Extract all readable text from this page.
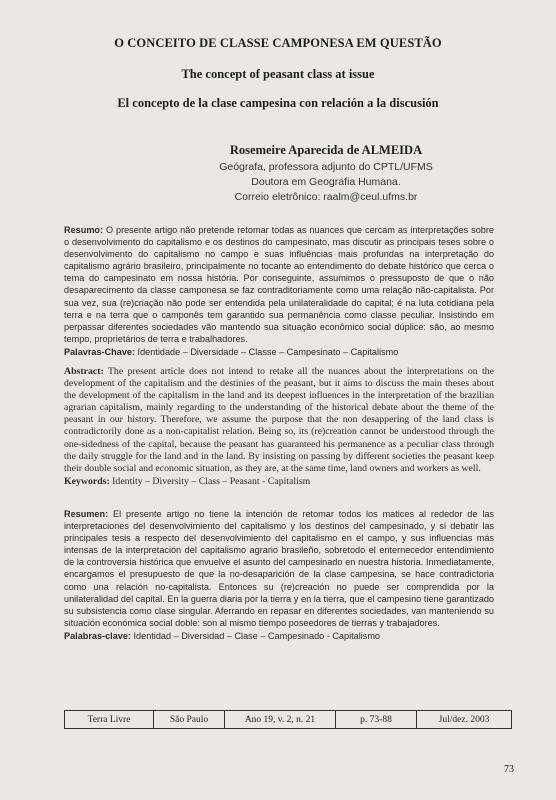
O CONCEITO DE CLASSE CAMPONESA EM QUESTÃO
The concept of peasant class at issue
El concepto de la clase campesina con relación a la discusión
Rosemeire Aparecida de ALMEIDA
Geógrafa, professora adjunto do CPTL/UFMS
Doutora em Geografia Humana.
Correio eletrônico: raalm@ceul.ufms.br
Resumo: O presente artigo não pretende retomar todas as nuances que cercam as interpretações sobre o desenvolvimento do capitalismo e os destinos do campesinato, mas discutir as principais teses sobre o desenvolvimento do capitalismo no campo e suas influências mais profundas na interpretação do capitalismo agrário brasileiro, principalmente no tocante ao entendimento do debate histórico que cerca o tema do campesinato em nossa história. Por conseguinte, assumimos o pressuposto de que o não desaparecimento da classe camponesa se faz contraditoriamente como uma relação não-capitalista. Por sua vez, sua (re)criação não pode ser entendida pela unilateralidade do capital; é na luta cotidiana pela terra e na terra que o camponês tem garantido sua permanência como classe peculiar. Insistindo em perpassar diferentes sociedades vão mantendo sua situação econômico social dúplice: são, ao mesmo tempo, proprietários de terra e trabalhadores.
Palavras-Chave: Identidade – Diversidade – Classe – Campesinato – Capitalismo
Abstract: The present article does not intend to retake all the nuances about the interpretations on the development of the capitalism and the destinies of the peasant, but it aims to discuss the main theses about the development of the capitalism in the land and its deepest influences in the interpretation of the brazilian agrarian capitalism, mainly regarding to the understanding of the historical debate about the theme of the peasant in our history. Therefore, we assume the purpose that the non desappering of the land class is contradictorily done as a non-capitalist relation. Being so, its (re)creation cannot be understood through the one-sidedness of the capital, because the peasant has guaranteed his permanence as a peculiar class through the daily struggle for the land and in the land. By insisting on passing by different societies the peasant keep their double social and economic situation, as they are, at the same time, land owners and workers as well.
Keywords: Identity – Diversity – Class – Peasant - Capitalism
Resumen: El presente artigo no tiene la intención de retomar todos los matices al rededor de las interpretaciones del desenvolvimiento del capitalismo y los destinos del campesinado, y si debatir las principales tesis a respecto del desenvolvimiento del capitalismo en el campo, y sus influencias más intensas de la interpretación del capitalismo agrario brasileño, sobretodo el enternecedor entendimiento de la controversia histórica que envuelve el asunto del campesinado en nuestra historia. Inmediatamente, encargamos el presupuesto de que la no-desaparición de la clase campesina, se hace contradictoria como una relación no-capitalista. Entonces su (re)creación no puede ser comprendida por la unilateralidad del capital. En la guerra diaria por la tierra y en la tierra, que el campesino tiene garantizado su subsistencia como clase singular. Aferrando en repasar en diferentes sociedades, van manteniendo su situación económica social doble: son al mismo tiempo poseedores de tierras y trabajadores.
Palabras-clave: Identidad – Diversidad – Clase – Campesinado - Capitalismo
Terra Livre	São Paulo	Ano 19, v. 2, n. 21	p. 73-88	Jul/dez. 2003
73
